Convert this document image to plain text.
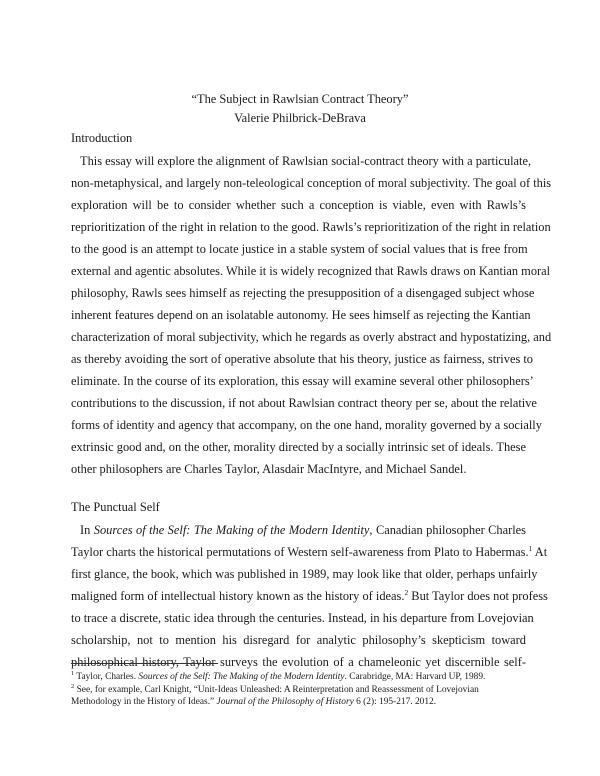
“The Subject in Rawlsian Contract Theory”

Valerie Philbrick-DeBrava

Introduction

This essay will explore the alignment of Rawlsian social-contract theory with a particulate,

non-metaphysical, and largely non-teleological conception of moral subjectivity. The goal of this

exploration will be to consider whether such a conception is viable, even with Rawls’s

reprioritization of the right in relation to the good. Rawls’s reprioritization of the right in relation

to the good is an attempt to locate justice in a stable system of social values that is free from

external and agentic absolutes. While it is widely recognized that Rawls draws on Kantian moral

philosophy, Rawls sees himself as rejecting the presupposition of a disengaged subject whose

inherent features depend on an isolatable autonomy. He sees himself as rejecting the Kantian

characterization of moral subjectivity, which he regards as overly abstract and hypostatizing, and

as thereby avoiding the sort of operative absolute that his theory, justice as fairness, strives to

eliminate. In the course of its exploration, this essay will examine several other philosophers’

contributions to the discussion, if not about Rawlsian contract theory per se, about the relative

forms of identity and agency that accompany, on the one hand, morality governed by a socially

extrinsic good and, on the other, morality directed by a socially intrinsic set of ideals. These

other philosophers are Charles Taylor, Alasdair MacIntyre, and Michael Sandel.

The Punctual Self

In Sources of the Self: The Making of the Modern Identity, Canadian philosopher Charles

Taylor charts the historical permutations of Western self-awareness from Plato to Habermas.$^1$ At

first glance, the book, which was published in 1989, may look like that older, perhaps unfairly

maligned form of intellectual history known as the history of ideas.$^2$ But Taylor does not profess

to trace a discrete, static idea through the centuries. Instead, in his departure from Lovejovian

scholarship, not to mention his disregard for analytic philosophy’s skepticism toward

philosophical history, Taylor surveys the evolution of a chameleonic yet discernible self-

$^1$ Taylor, Charles. Sources of the Self: The Making of the Modern Identity. Carabridge, MA: Harvard UP, 1989.

$^2$ See, for example, Carl Knight, “Unit-Ideas Unleashed: A Reinterpretation and Reassessment of Lovejovian

Methodology in the History of Ideas.” Journal of the Philosophy of History 6 (2): 195-217. 2012.
